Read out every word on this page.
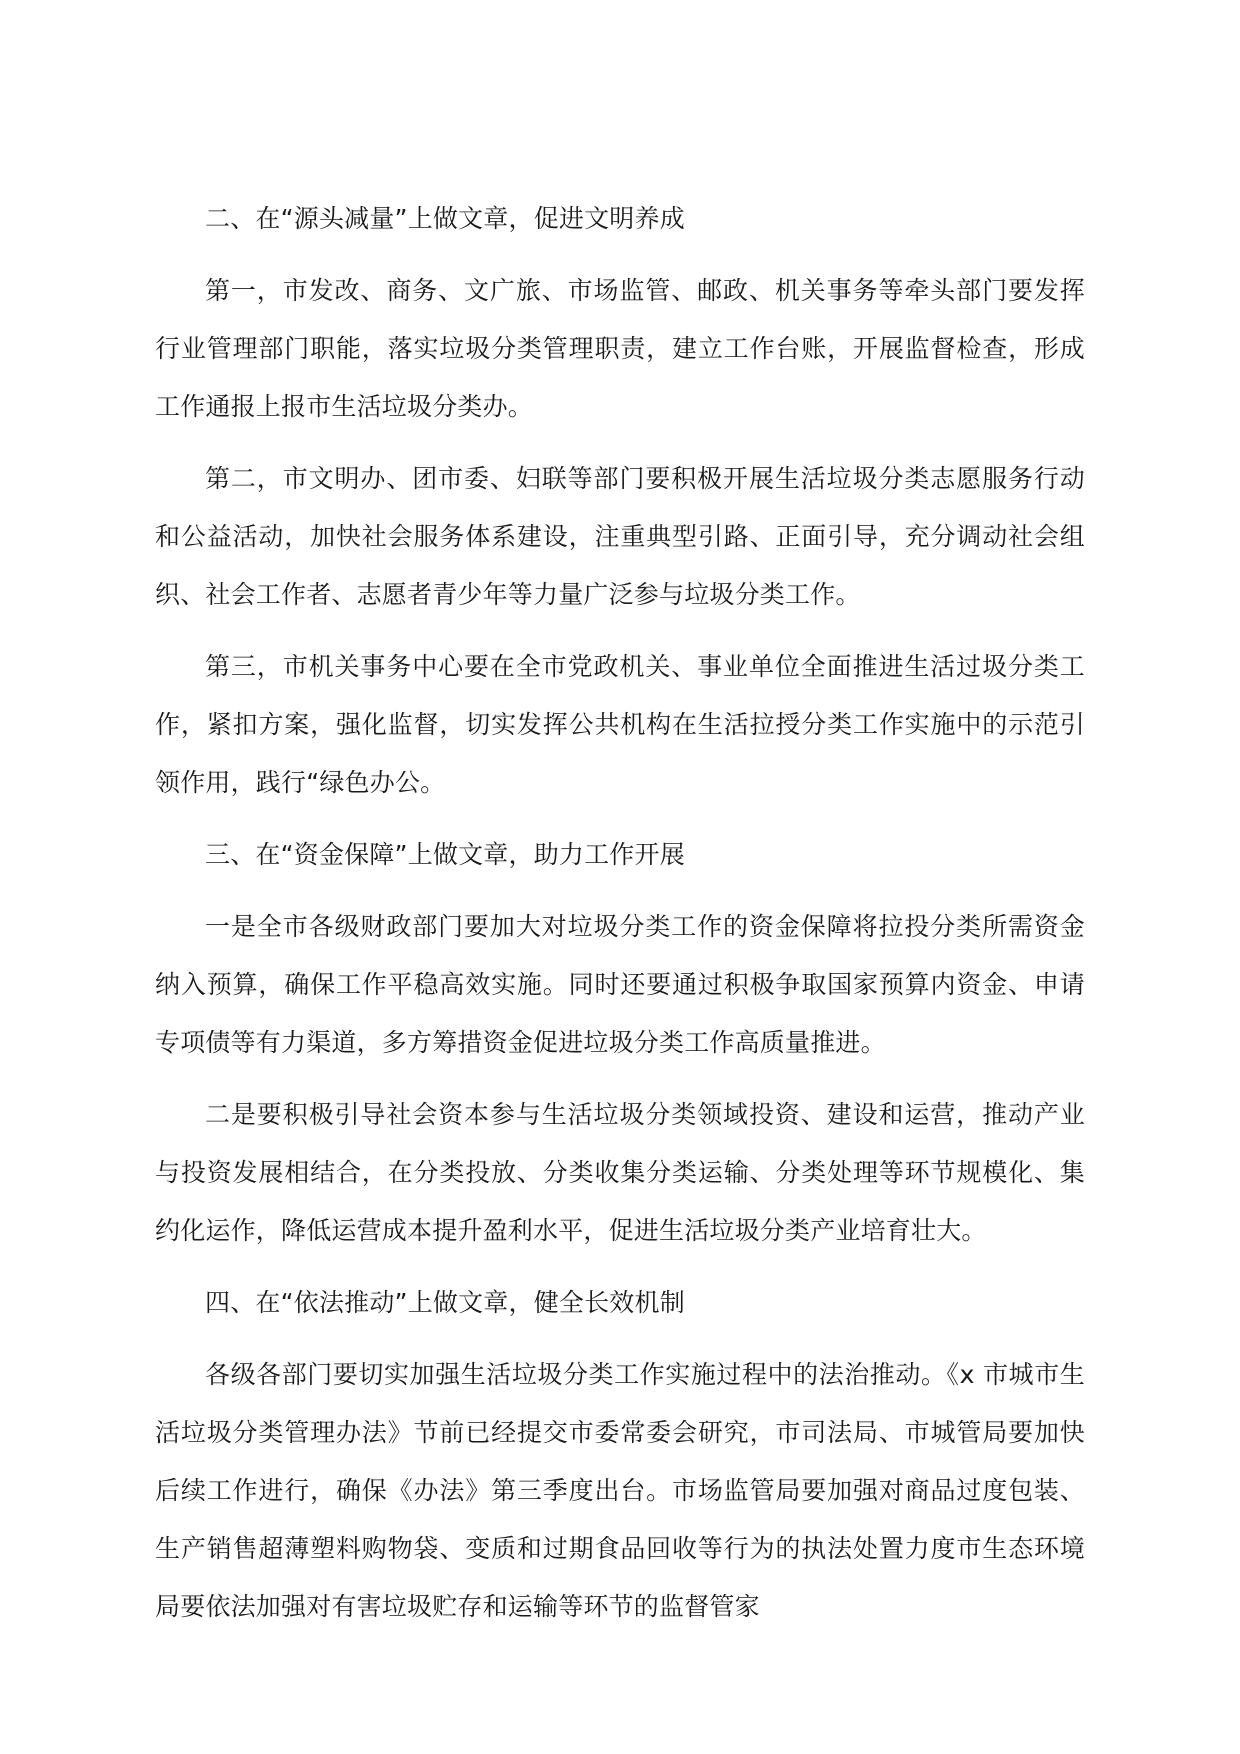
二、在“源头减量”上做文章，促进文明养成

第一，市发改、商务、文广旅、市场监管、邮政、机关事务等牵头部门要发挥行业管理部门职能，落实垃圾分类管理职责，建立工作台账，开展监督检查，形成工作通报上报市生活垃圾分类办。

第二，市文明办、团市委、妇联等部门要积极开展生活垃圾分类志愿服务行动和公益活动，加快社会服务体系建设，注重典型引路、正面引导，充分调动社会组织、社会工作者、志愿者青少年等力量广泛参与垃圾分类工作。

第三，市机关事务中心要在全市党政机关、事业单位全面推进生活过圾分类工作，紧扣方案，强化监督，切实发挥公共机构在生活拉授分类工作实施中的示范引领作用，践行“绿色办公。

三、在“资金保障”上做文章，助力工作开展

一是全市各级财政部门要加大对垃圾分类工作的资金保障将拉投分类所需资金纳入预算，确保工作平稳高效实施。同时还要通过积极争取国家预算内资金、申请专项债等有力渠道，多方筹措资金促进垃圾分类工作高质量推进。

二是要积极引导社会资本参与生活垃圾分类领域投资、建设和运营，推动产业与投资发展相结合，在分类投放、分类收集分类运输、分类处理等环节规模化、集约化运作，降低运营成本提升盈利水平，促进生活垃圾分类产业培育壮大。

四、在“依法推动”上做文章，健全长效机制

各级各部门要切实加强生活垃圾分类工作实施过程中的法治推动。《x 市城市生活垃圾分类管理办法》节前已经提交市委常委会研究，市司法局、市城管局要加快后续工作进行，确保《办法》第三季度出台。市场监管局要加强对商品过度包装、生产销售超薄塑料购物袋、变质和过期食品回收等行为的执法处置力度市生态环境局要依法加强对有害垃圾贮存和运输等环节的监督管家
